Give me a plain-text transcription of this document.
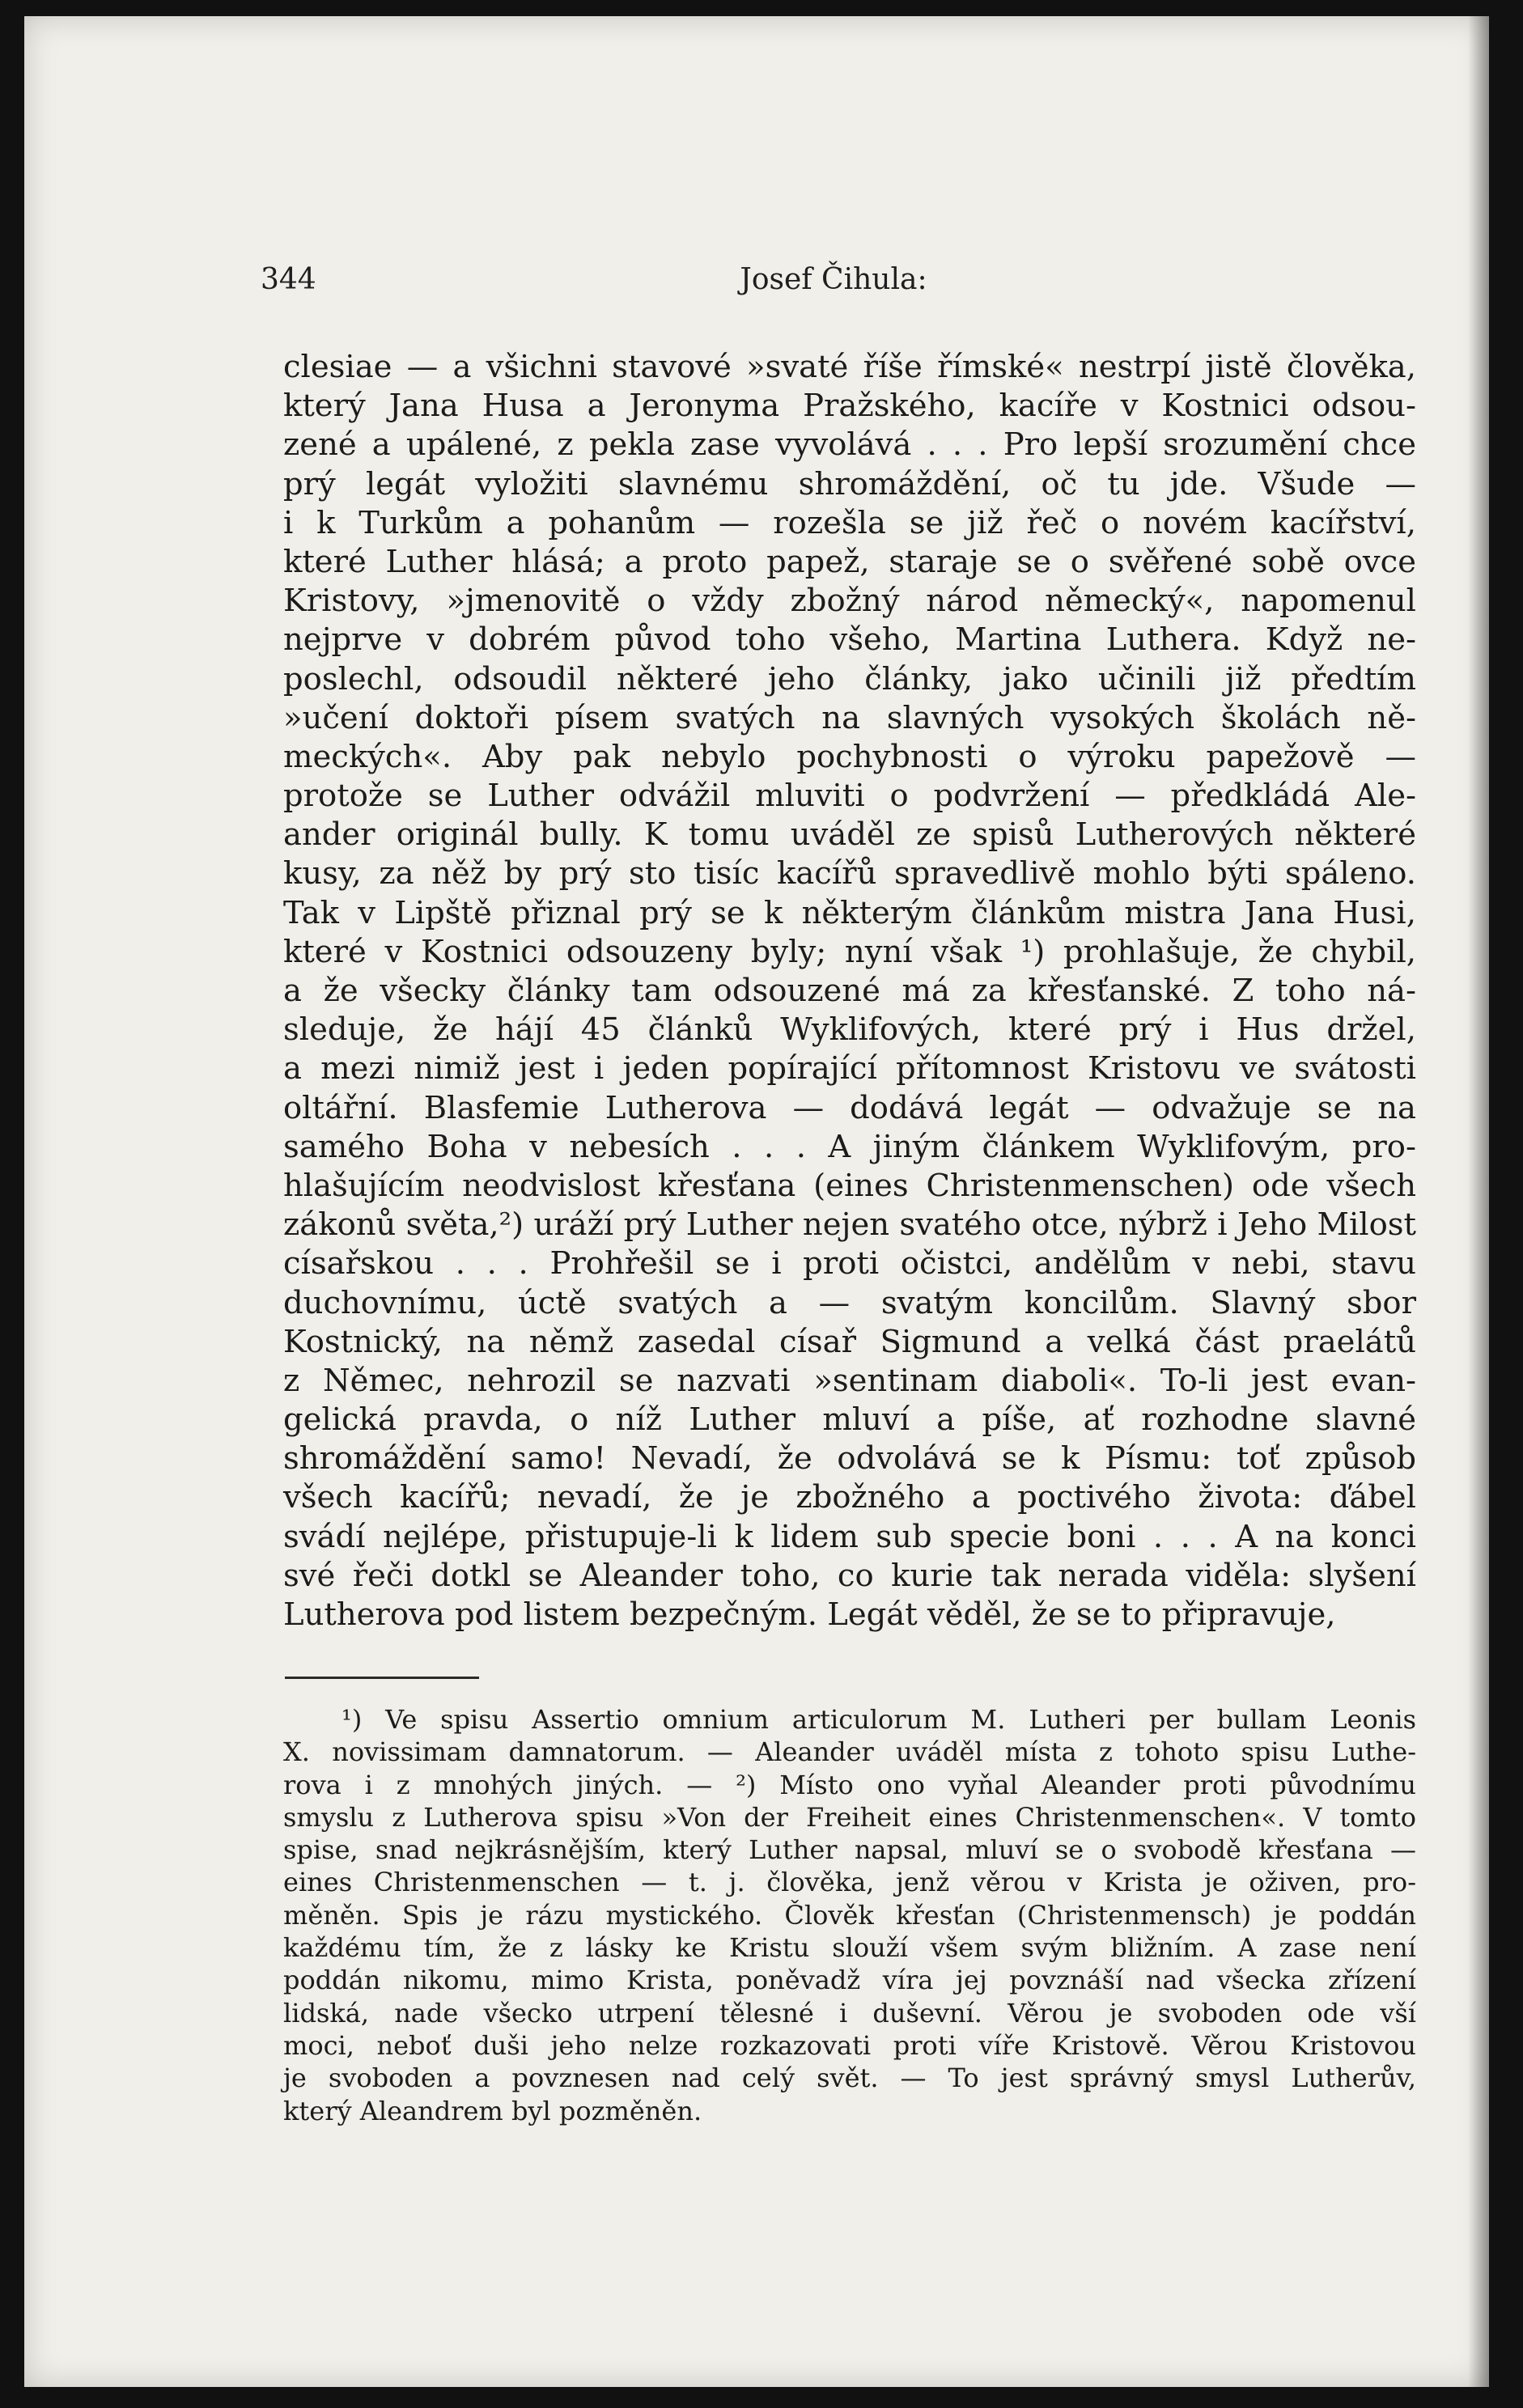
344	Josef Čihula:
clesiae — a všichni stavové »svaté říše římské« nestrpí jistě člověka,
který Jana Husa a Jeronyma Pražského, kacíře v Kostnici odsou-
zené a upálené, z pekla zase vyvolává . . . Pro lepší srozumění chce
prý legát vyložiti slavnému shromáždění, oč tu jde. Všude —
i k Turkům a pohanům — rozešla se již řeč o novém kacířství,
které Luther hlásá; a proto papež, staraje se o svěřené sobě ovce
Kristovy, »jmenovitě o vždy zbožný národ německý«, napomenul
nejprve v dobrém původ toho všeho, Martina Luthera. Když ne-
poslechl, odsoudil některé jeho články, jako učinili již předtím
»učení doktoři písem svatých na slavných vysokých školách ně-
meckých«. Aby pak nebylo pochybnosti o výroku papežově —
protože se Luther odvážil mluviti o podvržení — předkládá Ale-
ander originál bully. K tomu uváděl ze spisů Lutherových některé
kusy, za něž by prý sto tisíc kacířů spravedlivě mohlo býti spáleno.
Tak v Lipště přiznal prý se k některým článkům mistra Jana Husi,
které v Kostnici odsouzeny byly; nyní však ¹) prohlašuje, že chybil,
a že všecky články tam odsouzené má za křesťanské. Z toho ná-
sleduje, že hájí 45 článků Wyklifových, které prý i Hus držel,
a mezi nimiž jest i jeden popírající přítomnost Kristovu ve svátosti
oltářní. Blasfemie Lutherova — dodává legát — odvažuje se na
samého Boha v nebesích . . . A jiným článkem Wyklifovým, pro-
hlašujícím neodvislost křesťana (eines Christenmenschen) ode všech
zákonů světa,²) uráží prý Luther nejen svatého otce, nýbrž i Jeho Milost
císařskou . . . Prohřešil se i proti očistci, andělům v nebi, stavu
duchovnímu, úctě svatých a — svatým koncilům. Slavný sbor
Kostnický, na němž zasedal císař Sigmund a velká část praelátů
z Němec, nehrozil se nazvati »sentinam diaboli«. To-li jest evan-
gelická pravda, o níž Luther mluví a píše, ať rozhodne slavné
shromáždění samo! Nevadí, že odvolává se k Písmu: toť způsob
všech kacířů; nevadí, že je zbožného a poctivého života: ďábel
svádí nejlépe, přistupuje-li k lidem sub specie boni . . . A na konci
své řeči dotkl se Aleander toho, co kurie tak nerada viděla: slyšení
Lutherova pod listem bezpečným. Legát věděl, že se to připravuje,
¹) Ve spisu Assertio omnium articulorum M. Lutheri per bullam Leonis
X. novissimam damnatorum. — Aleander uváděl místa z tohoto spisu Luthe-
rova i z mnohých jiných. — ²) Místo ono vyňal Aleander proti původnímu
smyslu z Lutherova spisu »Von der Freiheit eines Christenmenschen«. V tomto
spise, snad nejkrásnějším, který Luther napsal, mluví se o svobodě křesťana —
eines Christenmenschen — t. j. člověka, jenž věrou v Krista je oživen, pro-
měněn. Spis je rázu mystického. Člověk křesťan (Christenmensch) je poddán
každému tím, že z lásky ke Kristu slouží všem svým bližním. A zase není
poddán nikomu, mimo Krista, poněvadž víra jej povznáší nad všecka zřízení
lidská, nade všecko utrpení tělesné i duševní. Věrou je svoboden ode vší
moci, neboť duši jeho nelze rozkazovati proti víře Kristově. Věrou Kristovou
je svoboden a povznesen nad celý svět. — To jest správný smysl Lutherův,
který Aleandrem byl pozměněn.
